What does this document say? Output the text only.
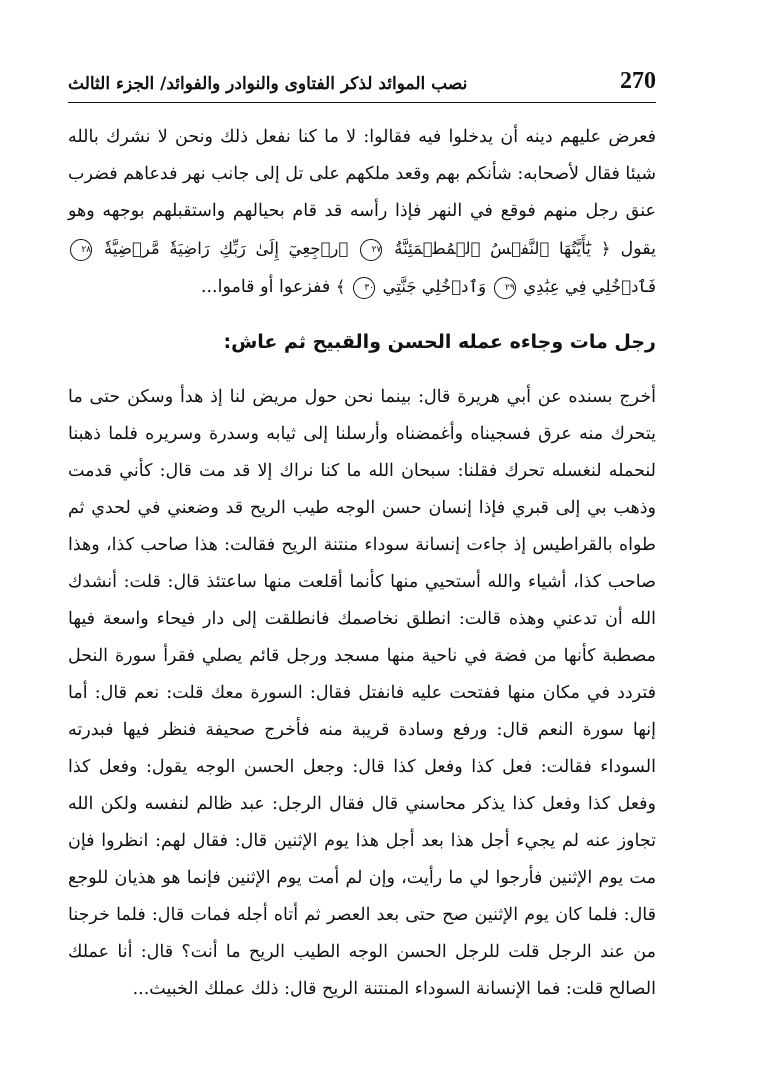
270
نصب الموائد لذكر الفتاوى والنوادر والفوائد/ الجزء الثالث

فعرض عليهم دينه أن يدخلوا فيه فقالوا: لا ما كنا نفعل ذلك ونحن لا نشرك بالله شيئا فقال لأصحابه: شأنكم بهم وقعد ملكهم على تل إلى جانب نهر فدعاهم فضرب عنق رجل منهم فوقع في النهر فإذا رأسه قد قام بحيالهم واستقبلهم بوجهه وهو يقول ﴿ يَٰٓأَيَّتُهَا ٱلنَّفۡسُ ٱلۡمُطۡمَئِنَّةُ ٢٧ ٱرۡجِعِيٓ إِلَىٰ رَبِّكِ رَاضِيَةٗ مَّرۡضِيَّةٗ ٢٨ فَٱدۡخُلِي فِي عِبَٰدِي ٢٩ وَٱدۡخُلِي جَنَّتِي ٣٠ ﴾ ففزعوا أو قاموا...

رجل مات وجاءه عمله الحسن والقبيح ثم عاش:

أخرج بسنده عن أبي هريرة قال: بينما نحن حول مريض لنا إذ هدأ وسكن حتى ما يتحرك منه عرق فسجيناه وأغمضناه وأرسلنا إلى ثيابه وسدرة وسريره فلما ذهبنا لنحمله لنغسله تحرك فقلنا: سبحان الله ما كنا نراك إلا قد مت قال: كأني قدمت وذهب بي إلى قبري فإذا إنسان حسن الوجه طيب الريح قد وضعني في لحدي ثم طواه بالقراطيس إذ جاءت إنسانة سوداء منتنة الريح فقالت: هذا صاحب كذا، وهذا صاحب كذا، أشياء والله أستحيي منها كأنما أقلعت منها ساعتئذ قال: قلت: أنشدك الله أن تدعني وهذه قالت: انطلق نخاصمك فانطلقت إلى دار فيحاء واسعة فيها مصطبة كأنها من فضة في ناحية منها مسجد ورجل قائم يصلي فقرأ سورة النحل فتردد في مكان منها ففتحت عليه فانفتل فقال: السورة معك قلت: نعم قال: أما إنها سورة النعم قال: ورفع وسادة قريبة منه فأخرج صحيفة فنظر فيها فبدرته السوداء فقالت: فعل كذا وفعل كذا قال: وجعل الحسن الوجه يقول: وفعل كذا وفعل كذا وفعل كذا يذكر محاسني قال فقال الرجل: عبد ظالم لنفسه ولكن الله تجاوز عنه لم يجيء أجل هذا بعد أجل هذا يوم الإثنين قال: فقال لهم: انظروا فإن مت يوم الإثنين فأرجوا لي ما رأيت، وإن لم أمت يوم الإثنين فإنما هو هذيان للوجع قال: فلما كان يوم الإثنين صح حتى بعد العصر ثم أتاه أجله فمات قال: فلما خرجنا من عند الرجل قلت للرجل الحسن الوجه الطيب الريح ما أنت؟ قال: أنا عملك الصالح قلت: فما الإنسانة السوداء المنتنة الريح قال: ذلك عملك الخبيث...
